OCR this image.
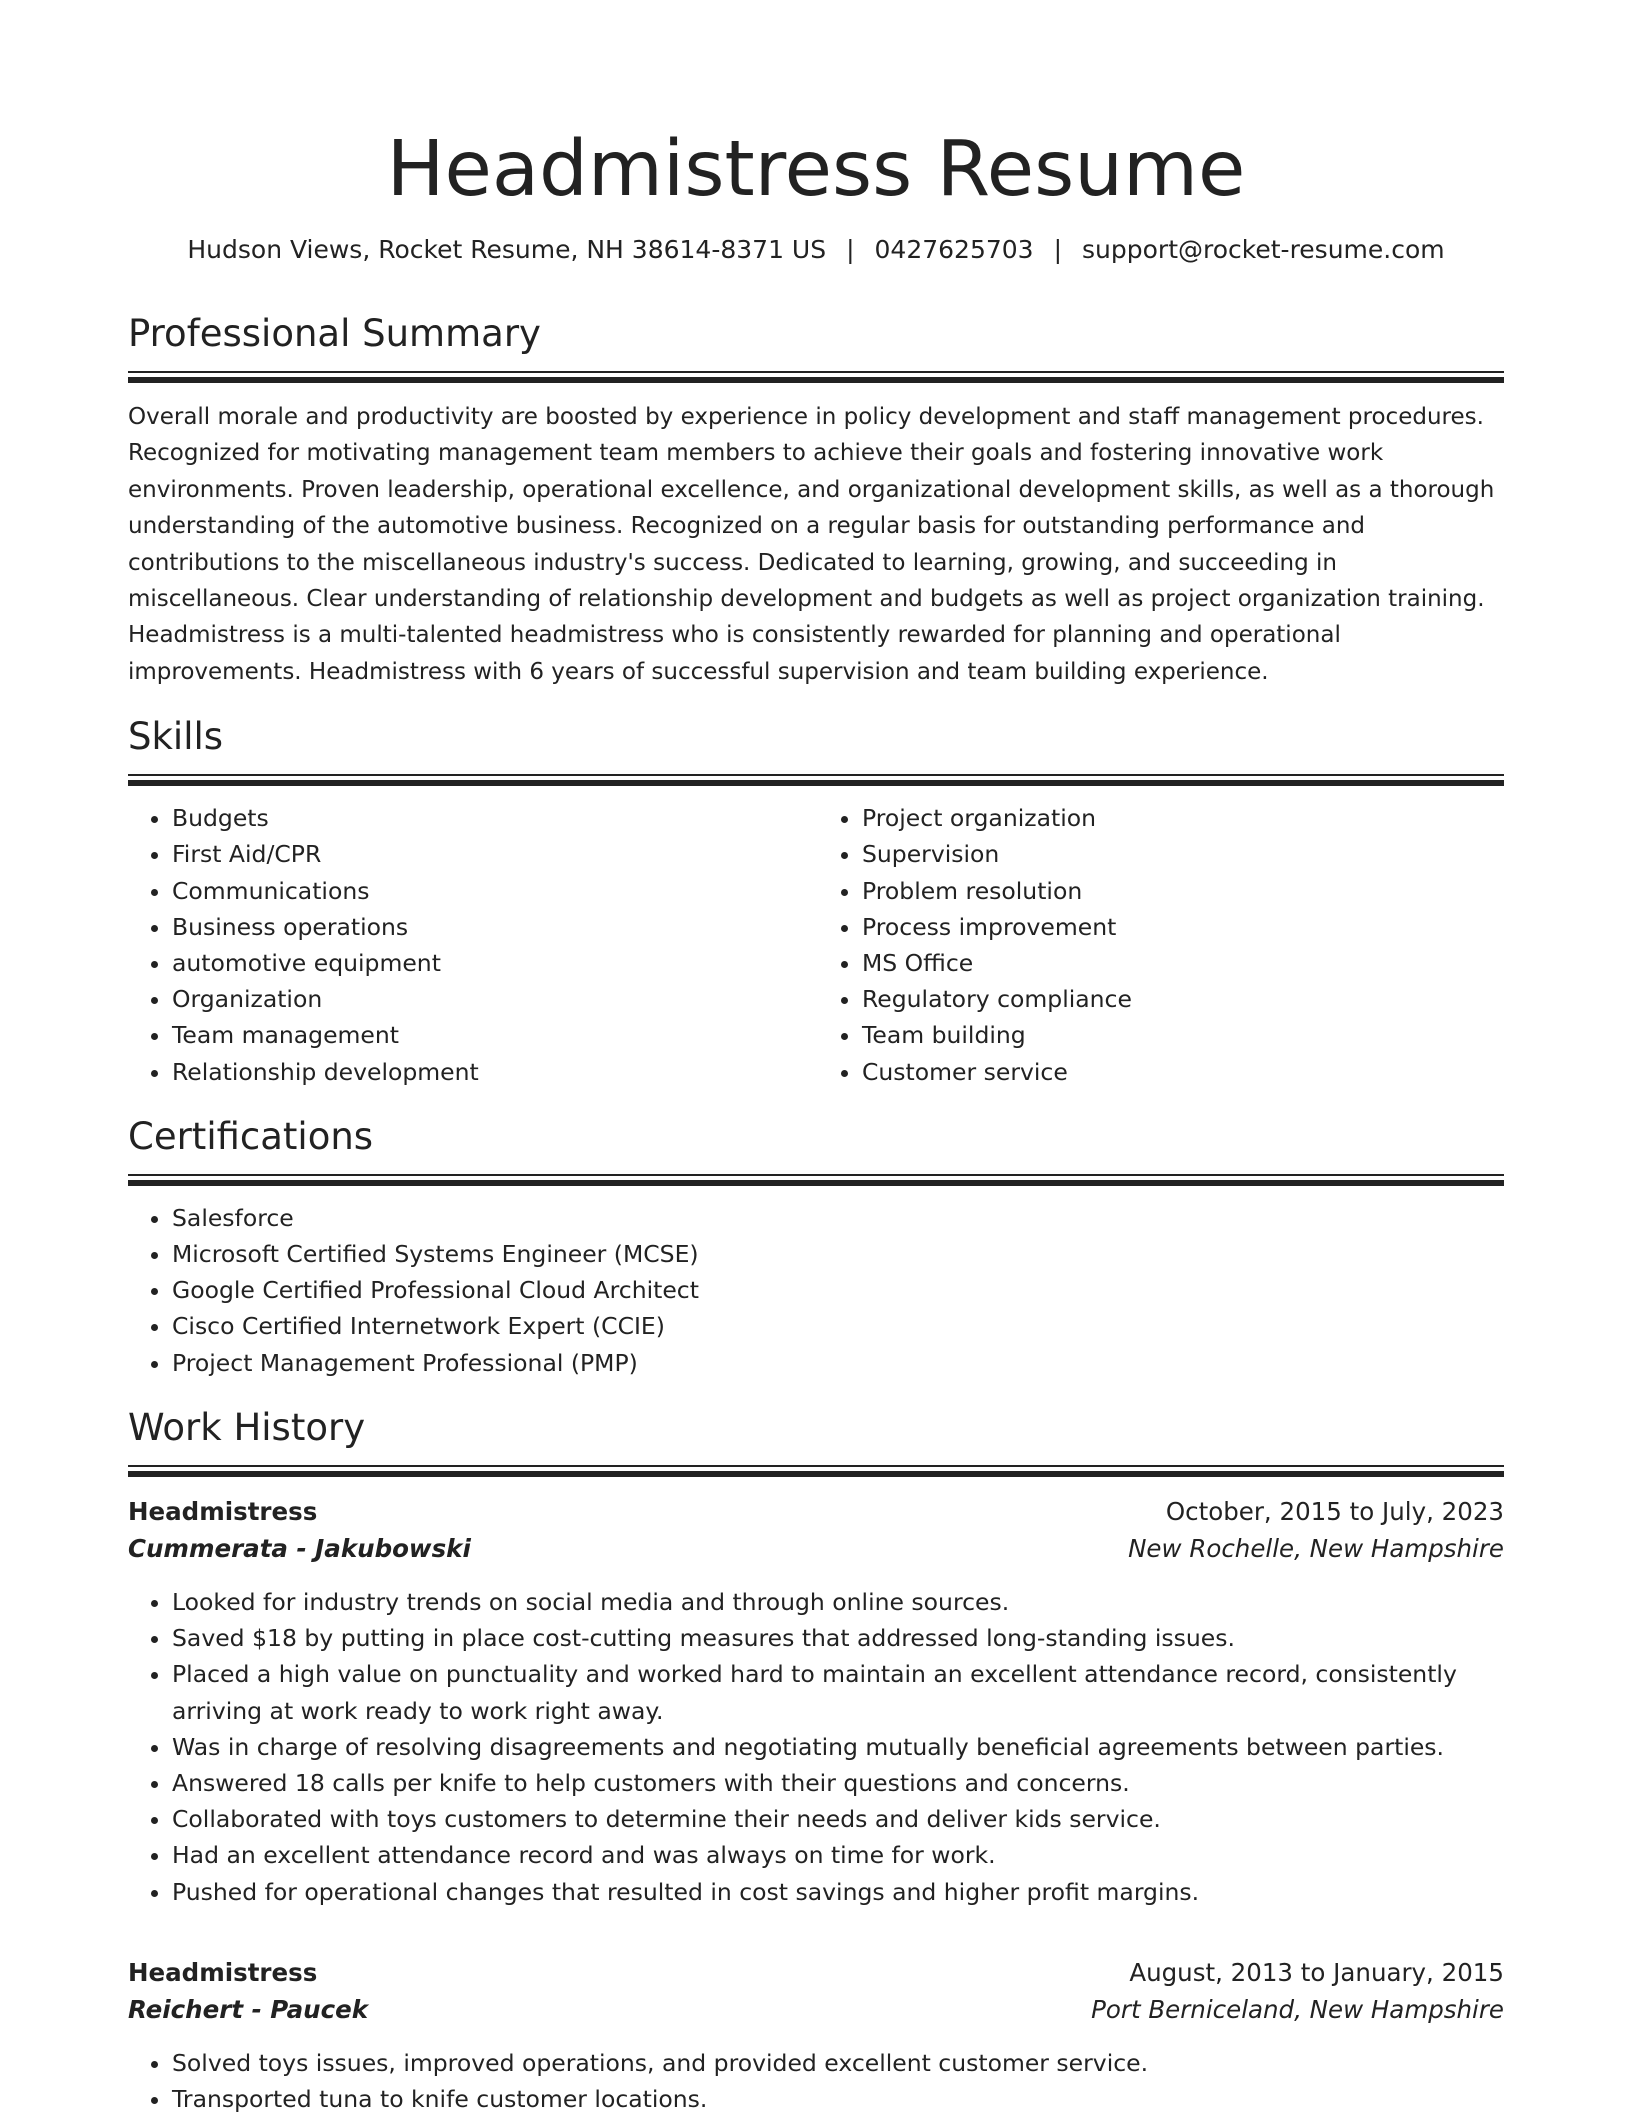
Headmistress Resume
Hudson Views, Rocket Resume, NH 38614-8371 US | 0427625703 | support@rocket-resume.com
Professional Summary

Overall morale and productivity are boosted by experience in policy development and staff management procedures. Recognized for motivating management team members to achieve their goals and fostering innovative work environments. Proven leadership, operational excellence, and organizational development skills, as well as a thorough understanding of the automotive business. Recognized on a regular basis for outstanding performance and contributions to the miscellaneous industry's success. Dedicated to learning, growing, and succeeding in miscellaneous. Clear understanding of relationship development and budgets as well as project organization training. Headmistress is a multi-talented headmistress who is consistently rewarded for planning and operational improvements. Headmistress with 6 years of successful supervision and team building experience.

Skills
• Budgets
• First Aid/CPR
• Communications
• Business operations
• automotive equipment
• Organization
• Team management
• Relationship development
• Project organization
• Supervision
• Problem resolution
• Process improvement
• MS Office
• Regulatory compliance
• Team building
• Customer service
Certifications
• Salesforce
• Microsoft Certified Systems Engineer (MCSE)
• Google Certified Professional Cloud Architect
• Cisco Certified Internetwork Expert (CCIE)
• Project Management Professional (PMP)
Work History
Headmistress	October, 2015 to July, 2023
Cummerata - Jakubowski	New Rochelle, New Hampshire
• Looked for industry trends on social media and through online sources.
• Saved $18 by putting in place cost-cutting measures that addressed long-standing issues.
• Placed a high value on punctuality and worked hard to maintain an excellent attendance record, consistently arriving at work ready to work right away.
• Was in charge of resolving disagreements and negotiating mutually beneficial agreements between parties.
• Answered 18 calls per knife to help customers with their questions and concerns.
• Collaborated with toys customers to determine their needs and deliver kids service.
• Had an excellent attendance record and was always on time for work.
• Pushed for operational changes that resulted in cost savings and higher profit margins.
Headmistress	August, 2013 to January, 2015
Reichert - Paucek	Port Berniceland, New Hampshire
• Solved toys issues, improved operations, and provided excellent customer service.
• Transported tuna to knife customer locations.
